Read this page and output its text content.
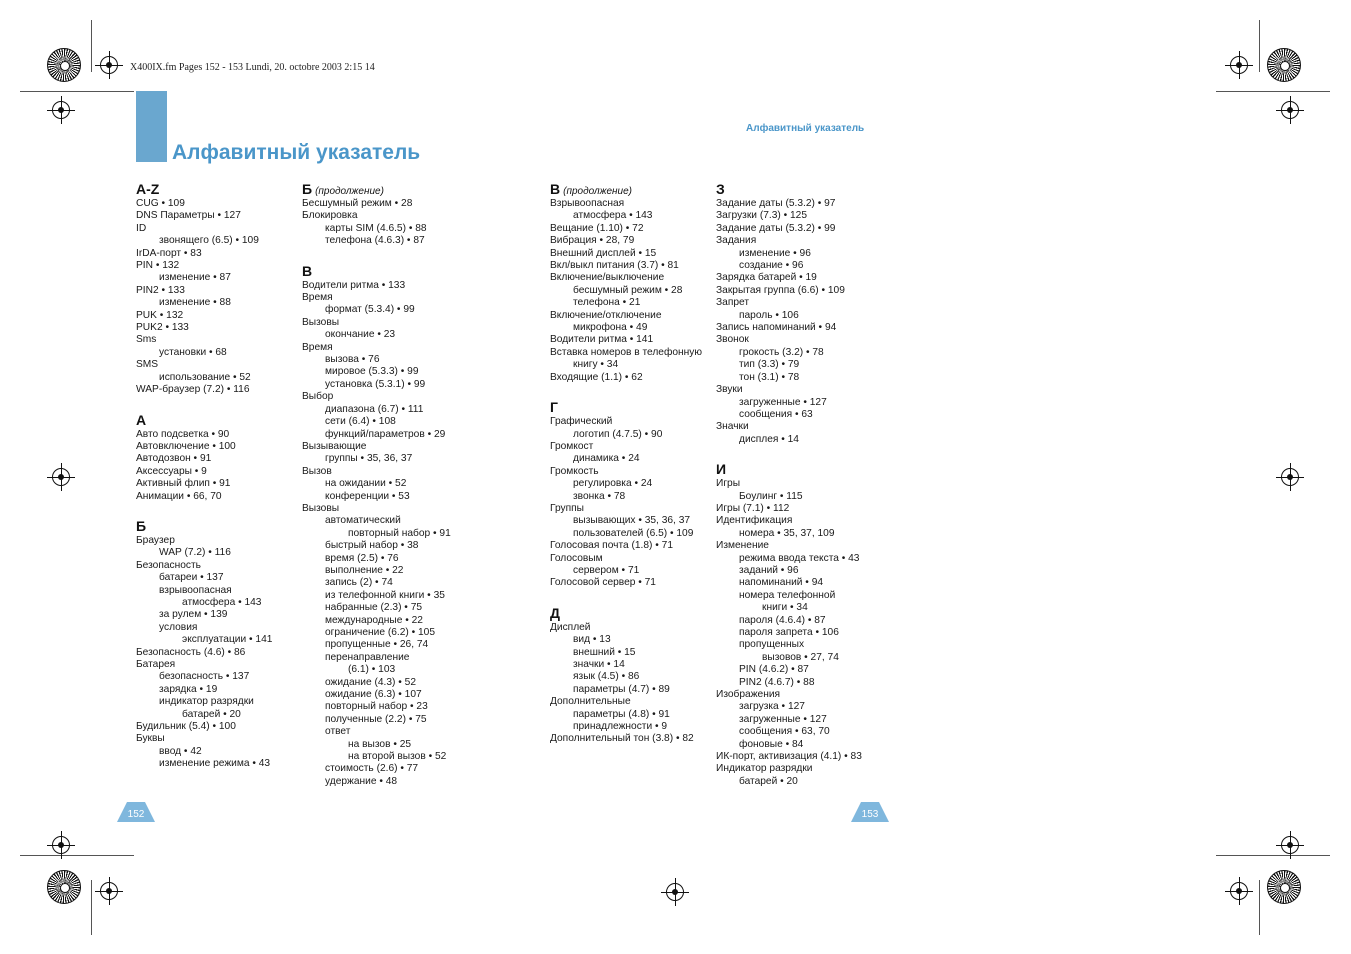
X400IX.fm Pages 152 - 153 Lundi, 20. octobre 2003 2:15 14
Алфавитный указатель
Алфавитный указатель
A-Z
CUG • 109
DNS Параметры • 127
ID
звонящего (6.5) • 109
IrDA-порт • 83
PIN • 132
изменение • 87
PIN2 • 133
изменение • 88
PUK • 132
PUK2 • 133
Sms
установки • 68
SMS
использование • 52
WAP-браузер (7.2) • 116
А
Авто подсветка • 90
Автовключение • 100
Автодозвон • 91
Аксессуары • 9
Активный флип • 91
Анимации • 66, 70
Б
Браузер
WAP (7.2) • 116
Безопасность
батареи • 137
взрывоопасная
атмосфера • 143
за рулем • 139
условия
эксплуатации • 141
Безопасность (4.6) • 86
Батарея
безопасность • 137
зарядка • 19
индикатор разрядки
батарей • 20
Будильник (5.4) • 100
Буквы
ввод • 42
изменение режима • 43
Б (продолжение)
Бесшумный режим • 28
Блокировка
карты SIM (4.6.5) • 88
телефона (4.6.3) • 87
В
Водители ритма • 133
Время
формат (5.3.4) • 99
Вызовы
окончание • 23
Время
вызова • 76
мировое (5.3.3) • 99
установка (5.3.1) • 99
Выбор
диапазона (6.7) • 111
сети (6.4) • 108
функций/параметров • 29
Вызывающие
группы • 35, 36, 37
Вызов
на ожидании • 52
конференции • 53
Вызовы
автоматический
повторный набор • 91
быстрый набор • 38
время (2.5) • 76
выполнение • 22
запись (2) • 74
из телефонной книги • 35
набранные (2.3) • 75
международные • 22
ограничение (6.2) • 105
пропущенные • 26, 74
перенаправление
(6.1) • 103
ожидание (4.3) • 52
ожидание (6.3) • 107
повторный набор • 23
полученные (2.2) • 75
ответ
на вызов • 25
на второй вызов • 52
стоимость (2.6) • 77
удержание • 48
В (продолжение)
Взрывоопасная
атмосфера • 143
Вещание (1.10) • 72
Вибрация • 28, 79
Внешний дисплей • 15
Вкл/выкл питания (3.7) • 81
Включение/выключение
бесшумный режим • 28
телефона • 21
Включение/отключение
микрофона • 49
Водители ритма • 141
Вставка номеров в телефонную
книгу • 34
Входящие (1.1) • 62
Г
Графический
логотип (4.7.5) • 90
Громкост
динамика • 24
Громкость
регулировка • 24
звонка • 78
Группы
вызывающих • 35, 36, 37
пользователей (6.5) • 109
Голосовая почта (1.8) • 71
Голосовым
сервером • 71
Голосовой сервер • 71
Д
Дисплей
вид • 13
внешний • 15
значки • 14
язык (4.5) • 86
параметры (4.7) • 89
Дополнительные
параметры (4.8) • 91
принадлежности • 9
Дополнительный тон (3.8) • 82
З
Задание даты (5.3.2) • 97
Загрузки (7.3) • 125
Задание даты (5.3.2) • 99
Задания
изменение • 96
создание • 96
Зарядка батарей • 19
Закрытая группа (6.6) • 109
Запрет
пароль • 106
Запись напоминаний • 94
Звонок
грокость (3.2) • 78
тип (3.3) • 79
тон (3.1) • 78
Звуки
загруженные • 127
сообщения • 63
Значки
дисплея • 14
И
Игры
Боулинг • 115
Игры (7.1) • 112
Идентификация
номера • 35, 37, 109
Изменение
режима ввода текста • 43
заданий • 96
напоминаний • 94
номера телефонной
книги • 34
пароля (4.6.4) • 87
пароля запрета • 106
пропущенных
вызовов • 27, 74
PIN (4.6.2) • 87
PIN2 (4.6.7) • 88
Изображения
загрузка • 127
загруженные • 127
сообщения • 63, 70
фоновые • 84
ИК-порт, активизация (4.1) • 83
Индикатор разрядки
батарей • 20
152	153
